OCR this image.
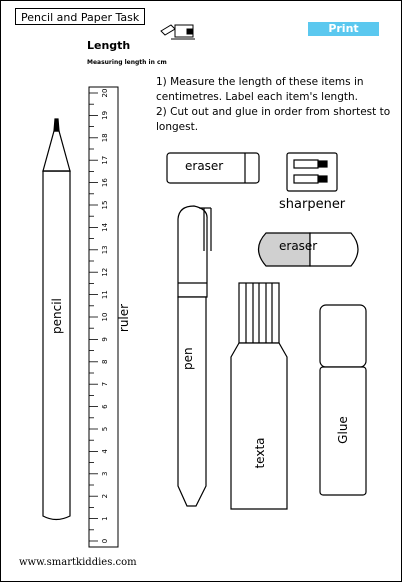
Pencil and Paper Task
Print
Length
Measuring length in cm
1) Measure the length of these items in centimetres. Label each item's length.
2) Cut out and glue in order from shortest to longest.
0
1
2
3
4
5
6
7
8
9
10
11
12
13
14
15
16
17
18
19
20
pencil	ruler
eraser
sharpener
eraser
pen
texta
Glue
www.smartkiddies.com
